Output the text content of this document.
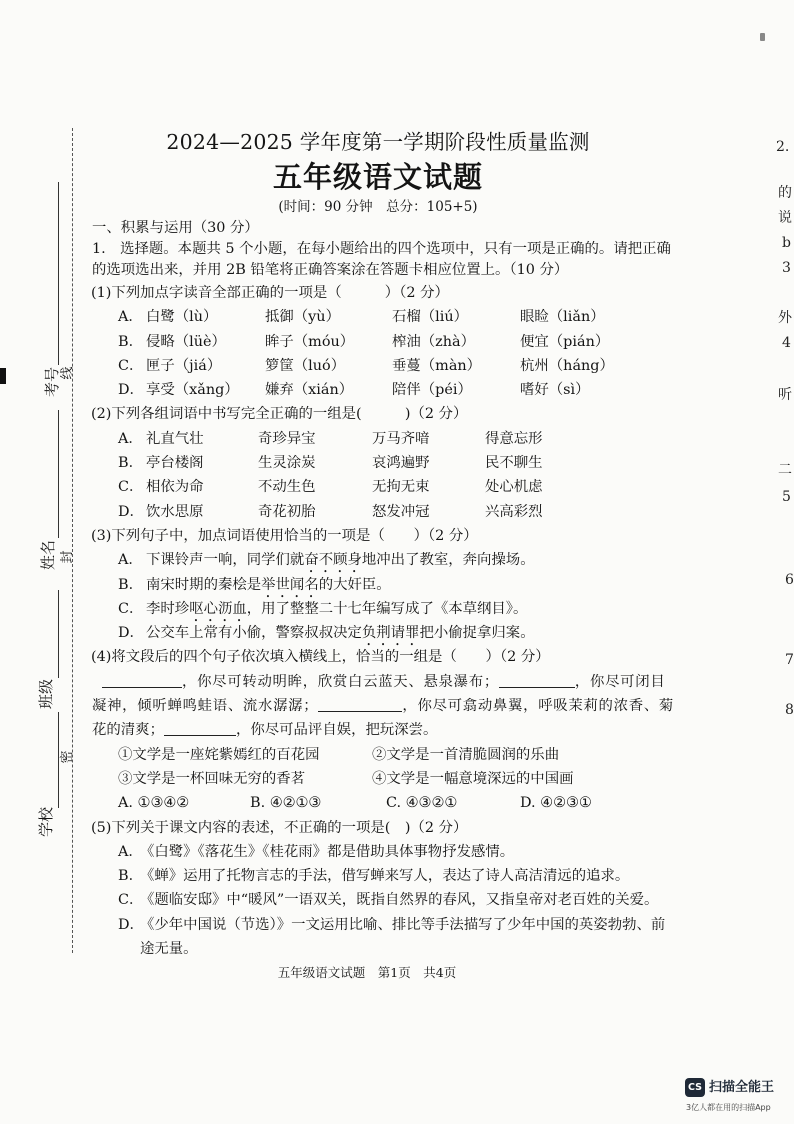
2024—2025 学年度第一学期阶段性质量监测
五年级语文试题
(时间：90 分钟　总分：105+5)
考号 线
姓名 封
班级
密
学校
一、积累与运用（30 分）
1.　选择题。本题共 5 个小题，在每小题给出的四个选项中，只有一项是正确的。请把正确
的选项选出来，并用 2B 铅笔将正确答案涂在答题卡相应位置上。（10 分）
(1)下列加点字读音全部正确的一项是（　　　）（2 分）
A． 白鹭（lù）	抵御（yù）	石榴（liú）	眼睑（liǎn）
B． 侵略（lüè）	眸子（móu）	榨油（zhà）	便宜（pián）
C． 匣子（jiá）	箩筐（luó）	垂蔓（màn）	杭州（háng）
D． 享受（xǎng） 嫌弃（xián）	陪伴（péi）	嗜好（sì）
(2)下列各组词语中书写完全正确的一组是(　　　)（2 分）
A． 礼直气壮	奇珍异宝	万马齐喑	得意忘形
B． 亭台楼阁	生灵涂炭	哀鸿遍野	民不聊生
C． 相依为命	不动生色	无拘无束	处心机虑
D． 饮水思原	奇花初胎	怒发冲冠	兴高彩烈
(3)下列句子中，加点词语使用恰当的一项是（　　）（2 分）
A． 下课铃声一响，同学们就奋不顾身地冲出了教室，奔向操场。
B． 南宋时期的秦桧是举世闻名的大奸臣。
C． 李时珍呕心沥血，用了整整二十七年编写成了《本草纲目》。
D． 公交车上常有小偷，警察叔叔决定负荆请罪把小偷捉拿归案。
(4)将文段后的四个句子依次填入横线上，恰当的一组是（　　）（2 分）
，你尽可转动明眸，欣赏白云蓝天、悬泉瀑布；	，你尽可闭目
凝神，倾听蝉鸣蛙语、流水潺潺；	，你尽可翕动鼻翼，呼吸茉莉的浓香、菊
花的清爽；	，你尽可品评自娱，把玩深尝。
①文学是一座姹紫嫣红的百花园	②文学是一首清脆圆润的乐曲
③文学是一杯回味无穷的香茗	④文学是一幅意境深远的中国画
A. ①③④②	B. ④②①③	C. ④③②①	D. ④②③①
(5)下列关于课文内容的表述，不正确的一项是(　)（2 分）
A．
《白鹭》《落花生》《桂花雨》都是借助具体事物抒发感情。
B．
《蝉》运用了托物言志的手法，借写蝉来写人，表达了诗人高洁清远的追求。
C．
《题临安邸》中“暖风”一语双关，既指自然界的春风，又指皇帝对老百姓的关爱。
D．
《少年中国说（节选）》一文运用比喻、排比等手法描写了少年中国的英姿勃勃、前
途无量。
五年级语文试题　第1页　共4页
2.
的
说
b
3
外
4
听
二
5
6
7
8
CS 扫描全能王
3亿人都在用的扫描App
